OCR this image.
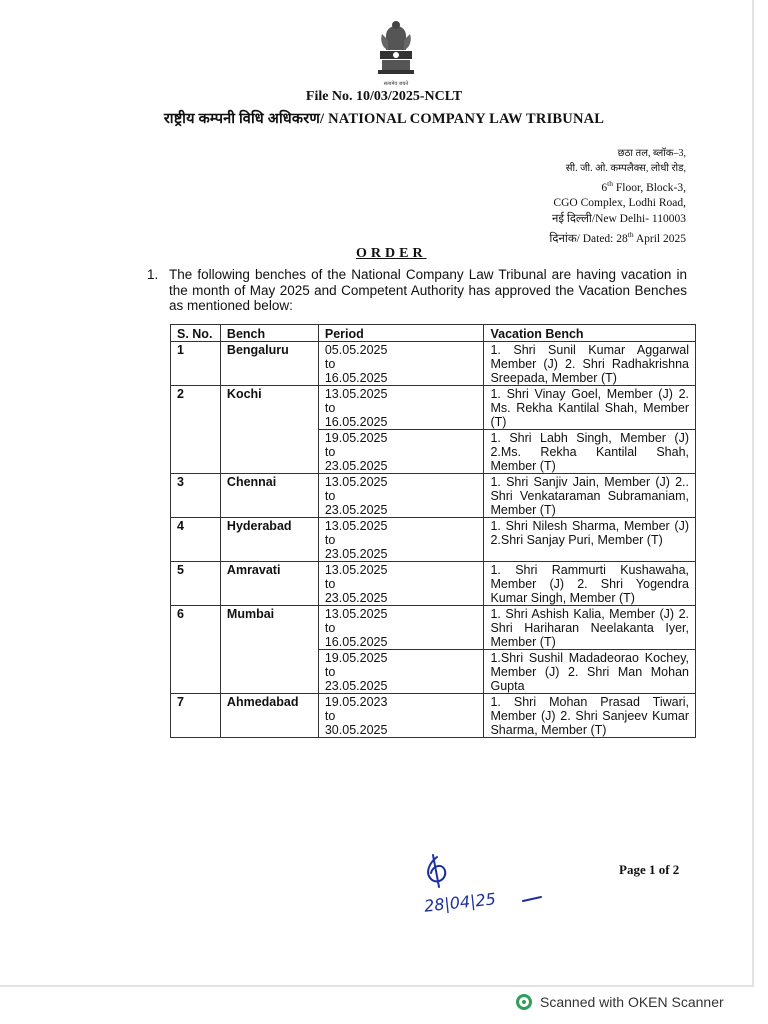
सत्यमेव जयते
File No. 10/03/2025-NCLT
राष्ट्रीय कम्पनी विधि अधिकरण/ NATIONAL COMPANY LAW TRIBUNAL
छठा तल, ब्लॉक–3,
सी. जी. ओ. कम्पलैक्स, लोधी रोड,
6th Floor, Block-3,
CGO Complex, Lodhi Road,
नई दिल्ली/New Delhi- 110003
दिनांक/ Dated: 28th April 2025
ORDER
1. The following benches of the National Company Law Tribunal are having vacation in the month of May 2025 and Competent Authority has approved the Vacation Benches as mentioned below:
S. No.	Bench	Period	Vacation Bench
1	Bengaluru	05.05.2025
to
16.05.2025	1. Shri Sunil Kumar Aggarwal Member (J) 2. Shri Radhakrishna Sreepada, Member (T)
2	Kochi	13.05.2025
to
16.05.2025	1. Shri Vinay Goel, Member (J) 2. Ms. Rekha Kantilal Shah, Member (T)

		19.05.2025
to
23.05.2025	1. Shri Labh Singh, Member (J) 2.Ms. Rekha Kantilal Shah, Member (T)
3	Chennai	13.05.2025
to
23.05.2025	1. Shri Sanjiv Jain, Member (J) 2.. Shri Venkataraman Subramaniam, Member (T)
4	Hyderabad	13.05.2025
to
23.05.2025	1. Shri Nilesh Sharma, Member (J) 2.Shri Sanjay Puri, Member (T)
5	Amravati	13.05.2025
to
23.05.2025	1. Shri Rammurti Kushawaha, Member (J) 2. Shri Yogendra Kumar Singh, Member (T)
6	Mumbai	13.05.2025
to
16.05.2025	1. Shri Ashish Kalia, Member (J) 2. Shri Hariharan Neelakanta Iyer, Member (T)

		19.05.2025
to
23.05.2025	1.Shri Sushil Madadeorao Kochey, Member (J) 2. Shri Man Mohan Gupta
7	Ahmedabad	19.05.2023
to
30.05.2025	1. Shri Mohan Prasad Tiwari, Member (J) 2. Shri Sanjeev Kumar Sharma, Member (T)
Page 1 of 2
28|04|25
Scanned with OKEN Scanner
